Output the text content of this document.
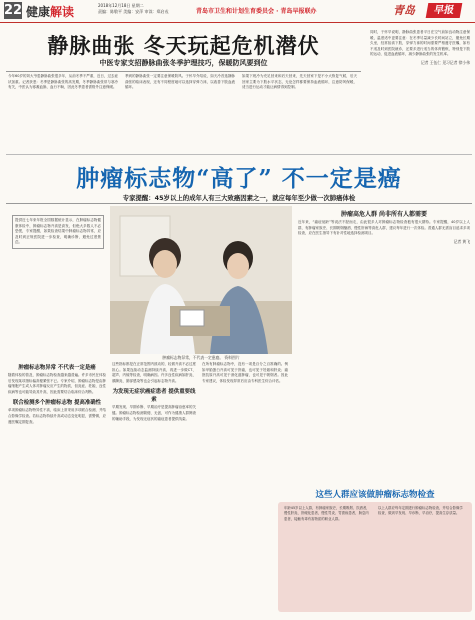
22 健康解读	2018年12月18日 星期二
责编：陈敬平 美编：安萍 审读：郑启戎	青岛市卫生和计划生育委员会 · 青岛早报联办	青岛	早报
静脉曲张 冬天玩起危机潜伏
中医专家支招静脉曲张冬季护理技巧，保暖防风要到位
今年60岁的刘大爷患静脉曲张很多年，从前冬季不严重，近日，过去症状加重。记者获悉：冬季是静脉曲张的高发期，冬季静脉曲张常与寒冷有关，中医认为寒凝血脉，血行不畅，因此冬季患者需格外注意保暖。
季到的静脉曲张一定要注意保暖防风。于怀早介绍说，如天冷首选静脉曲张的临床表现，还有不同程度地可以选择穿弹力袜，以改善下肢血液循环。
如果下班冷为充足回来和后天回来，先天回家下是不小大恢复气候，后天回家主要为下肢水平状态，无论怎样都要保持血液循环，注意防风保暖，适当进行运动才能让病情得到控制。
同时，于怀早说明，静脉曲张患者平日在空气前如良动物注意保暖，温度适中更要注意：在冬季尽量减少长时间站立，避免长期久坐，经常抬高下肢，穿弹力袜的时间需要严格遵守医嘱，如有不适及时到医院就诊，还要多进行适当的体育锻炼，特别是下肢的运动，促进血液循环，减少静脉曲张的发生机率。
记者 王伍仁 见习记者 徐小伟
肿瘤标志物“高了” 不一定是癌
专家提醒：45岁以上的成年人有三大致癌因素之一，就应每年至少做一次肺癌体检
提供近七年来年报全国数据统计显示，在肿瘤标志物健康体检中，肿瘤标志物升高是高发，但绝大多数人不必恐慌，专家提醒，如果检查结果中肿瘤标志物异常，应及时到正规医院进一步检查，明确诊断，避免过度焦虑。
肿瘤标志物异常，不代表一定患癌。 资料图片
肿瘤标志物异常 不代表一定是癌
随着体检的普及，肿瘤标志物检查越来越普遍。许多市民在体检后发现某项指标偏高便紧张不已。专家介绍，肿瘤标志物是由肿瘤细胞产生或人体对肿瘤反应产生的物质，但炎症、妊娠、良性疾病等也可能导致其升高，因此需要结合临床综合判断。
联合检测多个肿瘤标志物 提高准确性
单项肿瘤标志物特异性不高，临床上常采用多项联合检测，并结合影像学检查。若标志物持续升高或动态变化明显，需警惕，应遵医嘱定期复查。
这些指标都是在正常范围内波动的，轻微升高不必过度担心。如果连续动态监测持续升高，再进一步做CT、超声、内镜等检查，明确病因。许多良性疾病如肝炎、胰腺炎、肺部感染等也会引起标志物升高。
为发现无症状癌症患者 提供重要线索
早期发现、早期诊断、早期治疗是提高肿瘤治愈率的关键。肿瘤标志物检测简便、无创，可作为健康人群筛查的辅助手段，为发现无症状的癌症患者提供线索。
在所有肿瘤标志物中，没有一项是百分之百准确的。例如甲胎蛋白升高可见于肝癌，也可见于妊娠和肝炎；癌胚抗原升高可见于消化道肿瘤，也可见于吸烟者。因此专家建议，体检发现异常后应由专科医生综合评估。
肿瘤高危人群 尚非所有人都需要
近年来，“癌症低龄”等说法不胫而走，由此很多人对肿瘤标志物检查抱有很大期待。专家提醒，40岁以上人群，有肿瘤家族史、长期吸烟酗酒、慢性肝病等高危人群，建议每年进行一次体检。普通人群无需盲目追求多项检查，应在医生指导下有针对性地选择检测项目。
记者 黄飞
这些人群应该做肿瘤标志物检查
年龄45岁以上人群，有肿瘤家族史，长期吸烟、饮酒者，慢性肝炎、肝硬化患者，慢性胃炎、胃溃疡患者，肠息肉患者，接触有毒有害物质的职业人群。
以上人群应每年定期进行肿瘤标志物检查，并结合影像学检查，做到早发现、早诊断、早治疗，提高生存质量。
